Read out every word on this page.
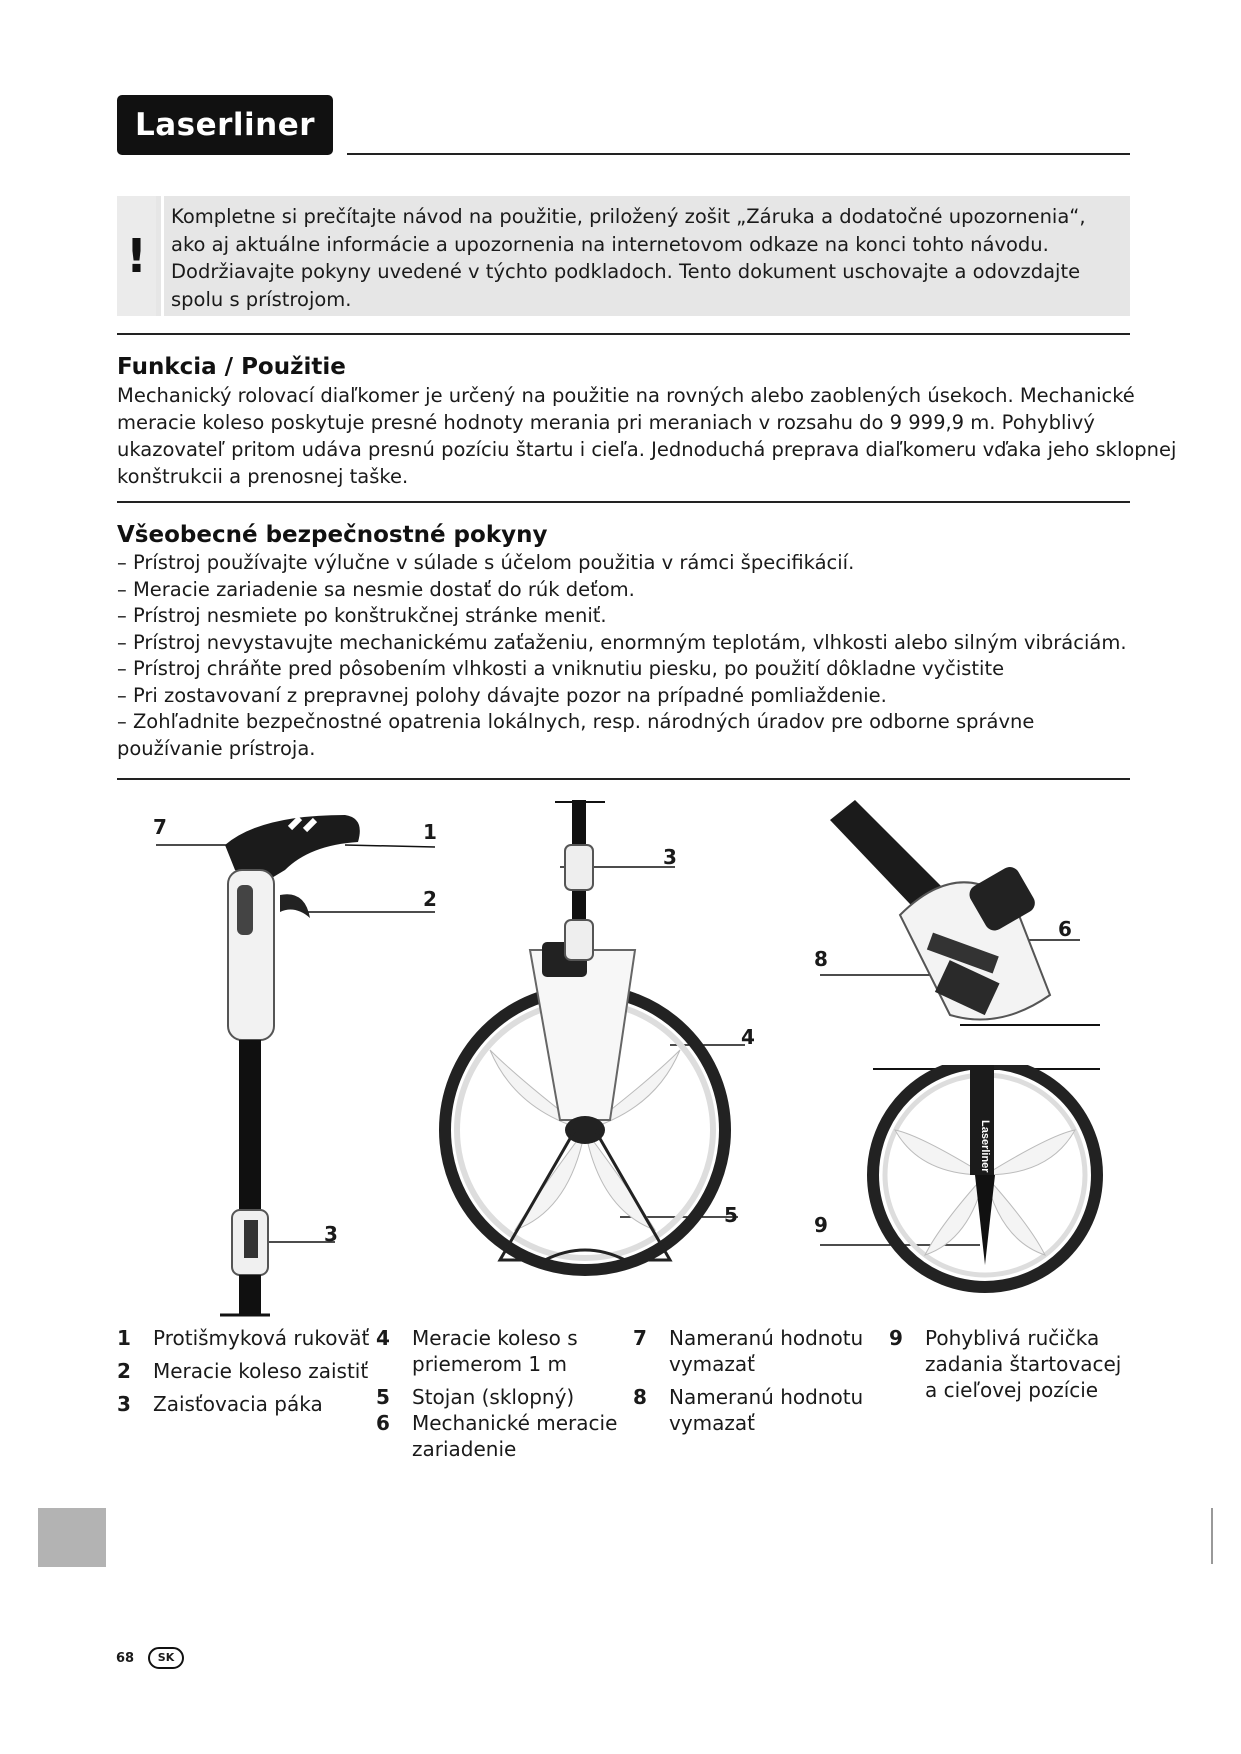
Laserliner
!
Kompletne si prečítajte návod na použitie, priložený zošit „Záruka a dodatočné upozornenia“,
ako aj aktuálne informácie a upozornenia na internetovom odkaze na konci tohto návodu.
Dodržiavajte pokyny uvedené v týchto podkladoch. Tento dokument uschovajte a odovzdajte
spolu s prístrojom.
Funkcia / Použitie
Mechanický rolovací diaľkomer je určený na použitie na rovných alebo zaoblených úsekoch. Mechanické
meracie koleso poskytuje presné hodnoty merania pri meraniach v rozsahu do 9 999,9 m. Pohyblivý
ukazovateľ pritom udáva presnú pozíciu štartu i cieľa. Jednoduchá preprava diaľkomeru vďaka jeho sklopnej
konštrukcii a prenosnej taške.
Všeobecné bezpečnostné pokyny
– Prístroj používajte výlučne v súlade s účelom použitia v rámci špecifikácií.
– Meracie zariadenie sa nesmie dostať do rúk deťom.
– Prístroj nesmiete po konštrukčnej stránke meniť.
– Prístroj nevystavujte mechanickému zaťaženiu, enormným teplotám, vlhkosti alebo silným vibráciám.
– Prístroj chráňte pred pôsobením vlhkosti a vniknutiu piesku, po použití dôkladne vyčistite
– Pri zostavovaní z prepravnej polohy dávajte pozor na prípadné pomliaždenie.
– Zohľadnite bezpečnostné opatrenia lokálnych, resp. národných úradov pre odborne správne
používanie prístroja.
7	1
2
3
3
4
5
6
8
Laserliner
9
1 Protišmyková rukoväť
2 Meracie koleso zaistiť
3 Zaisťovacia páka
4 Meracie koleso s
priemerom 1 m
5 Stojan (sklopný)
6 Mechanické meracie
zariadenie
7 Nameranú hodnotu
vymazať
8 Nameranú hodnotu
vymazať
9 Pohyblivá ručička
zadania štartovacej
a cieľovej pozície
68	SK
